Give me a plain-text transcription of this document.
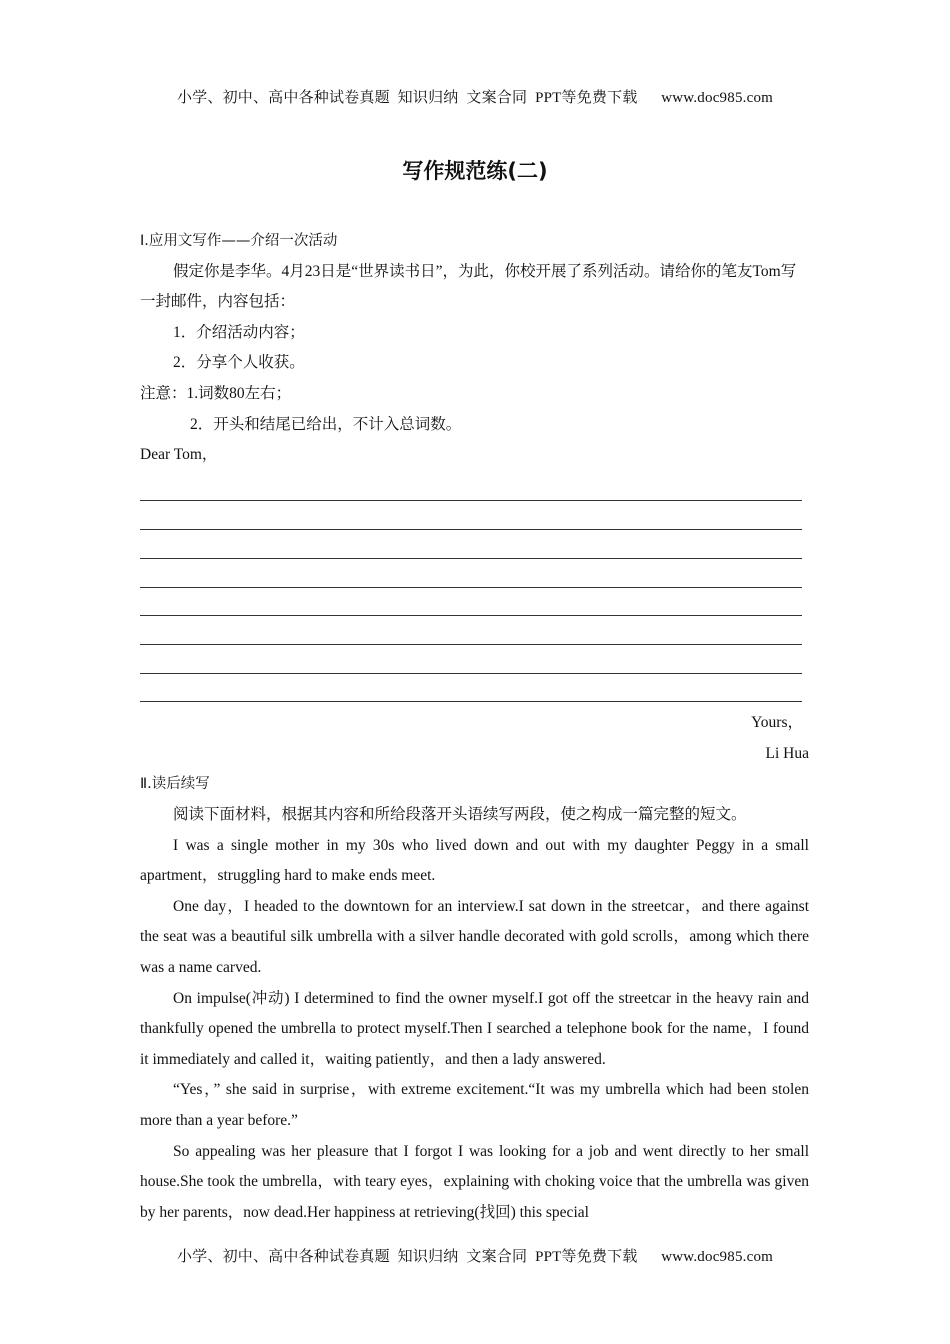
小学、初中、高中各种试卷真题  知识归纳  文案合同  PPT等免费下载      www.doc985.com
写作规范练(二)

Ⅰ.应用文写作——介绍一次活动

假定你是李华。4月23日是“世界读书日”，为此，你校开展了系列活动。请给你的笔友Tom写一封邮件，内容包括：

1．介绍活动内容；

2．分享个人收获。

注意：1.词数80左右；

2．开头和结尾已给出，不计入总词数。

Dear Tom，

Yours，

Li Hua

Ⅱ.读后续写

阅读下面材料，根据其内容和所给段落开头语续写两段，使之构成一篇完整的短文。

I was a single mother in my 30s who lived down and out with my daughter Peggy in a small apartment，struggling hard to make ends meet.

One day，I headed to the downtown for an interview.I sat down in the streetcar，and there against the seat was a beautiful silk umbrella with a silver handle decorated with gold scrolls，among which there was a name carved.

On impulse(冲动) I determined to find the owner myself.I got off the streetcar in the heavy rain and thankfully opened the umbrella to protect myself.Then I searched a telephone book for the name，I found it immediately and called it，waiting patiently，and then a lady answered.

“Yes，” she said in surprise，with extreme excitement.“It was my umbrella which had been stolen more than a year before.”

So appealing was her pleasure that I forgot I was looking for a job and went directly to her small house.She took the umbrella，with teary eyes，explaining with choking voice that the umbrella was given by her parents，now dead.Her happiness at retrieving(找回) this special

小学、初中、高中各种试卷真题  知识归纳  文案合同  PPT等免费下载      www.doc985.com
